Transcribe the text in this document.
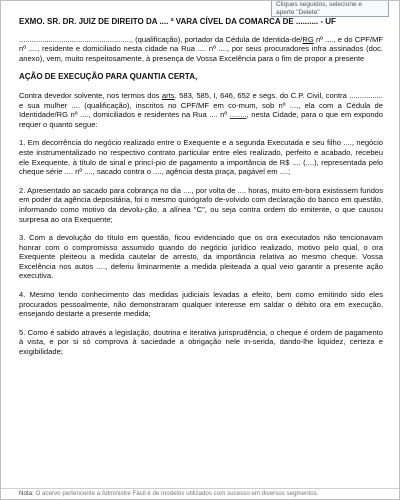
Cliques seguidos, selecione e
aperte "Delete"
EXMO. SR. DR. JUIZ DE DIREITO DA .... ª VARA CÍVEL DA COMARCA DE .......... - UF
....................................................., (qualificação), portador da Cédula de Identida-de/RG nº ...., e do CPF/MF nº ...., residente e domiciliado nesta cidade na Rua .... nº ...., por seus procuradores infra assinados (doc. anexo), vem, muito respeitosamente, à presença de Vossa Excelência para o fim de propor a presente
AÇÃO DE EXECUÇÃO PARA QUANTIA CERTA,
Contra devedor solvente, nos termos dos arts. 583, 585, I, 646, 652 e segs. do C.P. Civil, contra ................ e sua mulher .... (qualificação), inscritos no CPF/MF em co-mum, sob nº ...., ela com a Cédula de Identidade/RG nº ...., domiciliados e residentes na Rua .... nº ........, nesta Cidade, para o que em expondo requer o quanto segue:
1. Em decorrência do negócio realizado entre o Exequente e a segunda Executada e seu filho ...., negócio este instrumentalizado no respectivo contrato particular entre eles realizado, perfeito e acabado, recebeu ele Exequente, à título de sinal e princí-pio de pagamento a importância de R$ .... (....), representada pelo cheque série .... nº ...., sacado contra o ...., agência desta praça, pagável em ....;
2. Apresentado ao sacado para cobrança no dia ...., por volta de .... horas, muito em-bora existissem fundos em poder da agência depositária, foi o mesmo quirógrafo de-volvido com declaração do banco em questão, informando como motivo da devolu-ção, a alínea "C", ou seja contra ordem do emitente, o que causou surpresa ao ora Exequente;
3. Com a devolução do título em questão, ficou evidenciado que os ora executados não tencionavam honrar com o compromisso assumido quando do negócio jurídico realizado, motivo pelo qual, o ora Exequente pleiteou a medida cautelar de arresto, da importância relativa ao mesmo cheque. Vossa Excelência nos autos ...., deferiu liminarmente a medida pleiteada a qual veio garantir a presente ação executiva.
4. Mesmo tendo conhecimento das medidas judiciais levadas a efeito, bem como emitindo sido eles procurados pessoalmente, não demonstraram qualquer interesse em saldar o débito ora em execução, ensejando destarte a presente medida;
5. Como é sabido através a legislação, doutrina e iterativa jurisprudência, o cheque é ordem de pagamento à vista, e por si só comprova à saciedade a obrigação nele in-serida, dando-lhe liquidez, certeza e exigibilidade;
Nota: O acervo pertencente a Administre Fácil é de modelos utilizados com sucesso em diversos segmentos.
